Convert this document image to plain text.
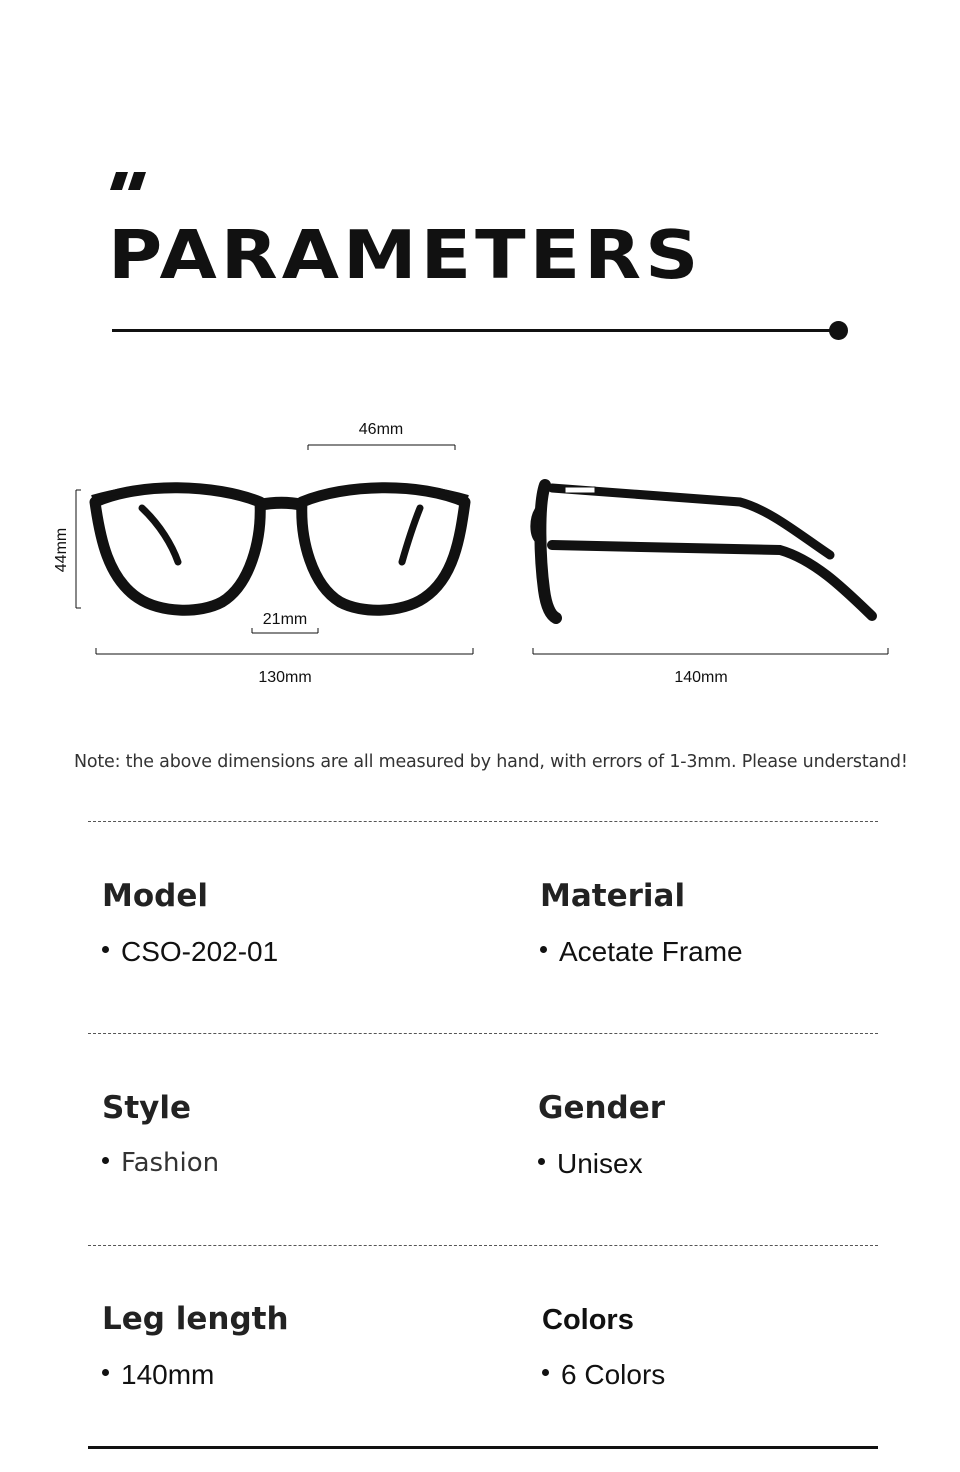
PARAMETERS
46mm
44mm
21mm
130mm	140mm

Note: the above dimensions are all measured by hand, with errors of 1-3mm. Please understand!

Model

CSO-202-01

Material

Acetate Frame

Style

Fashion

Gender

Unisex

Leg length

140mm

Colors

6 Colors
